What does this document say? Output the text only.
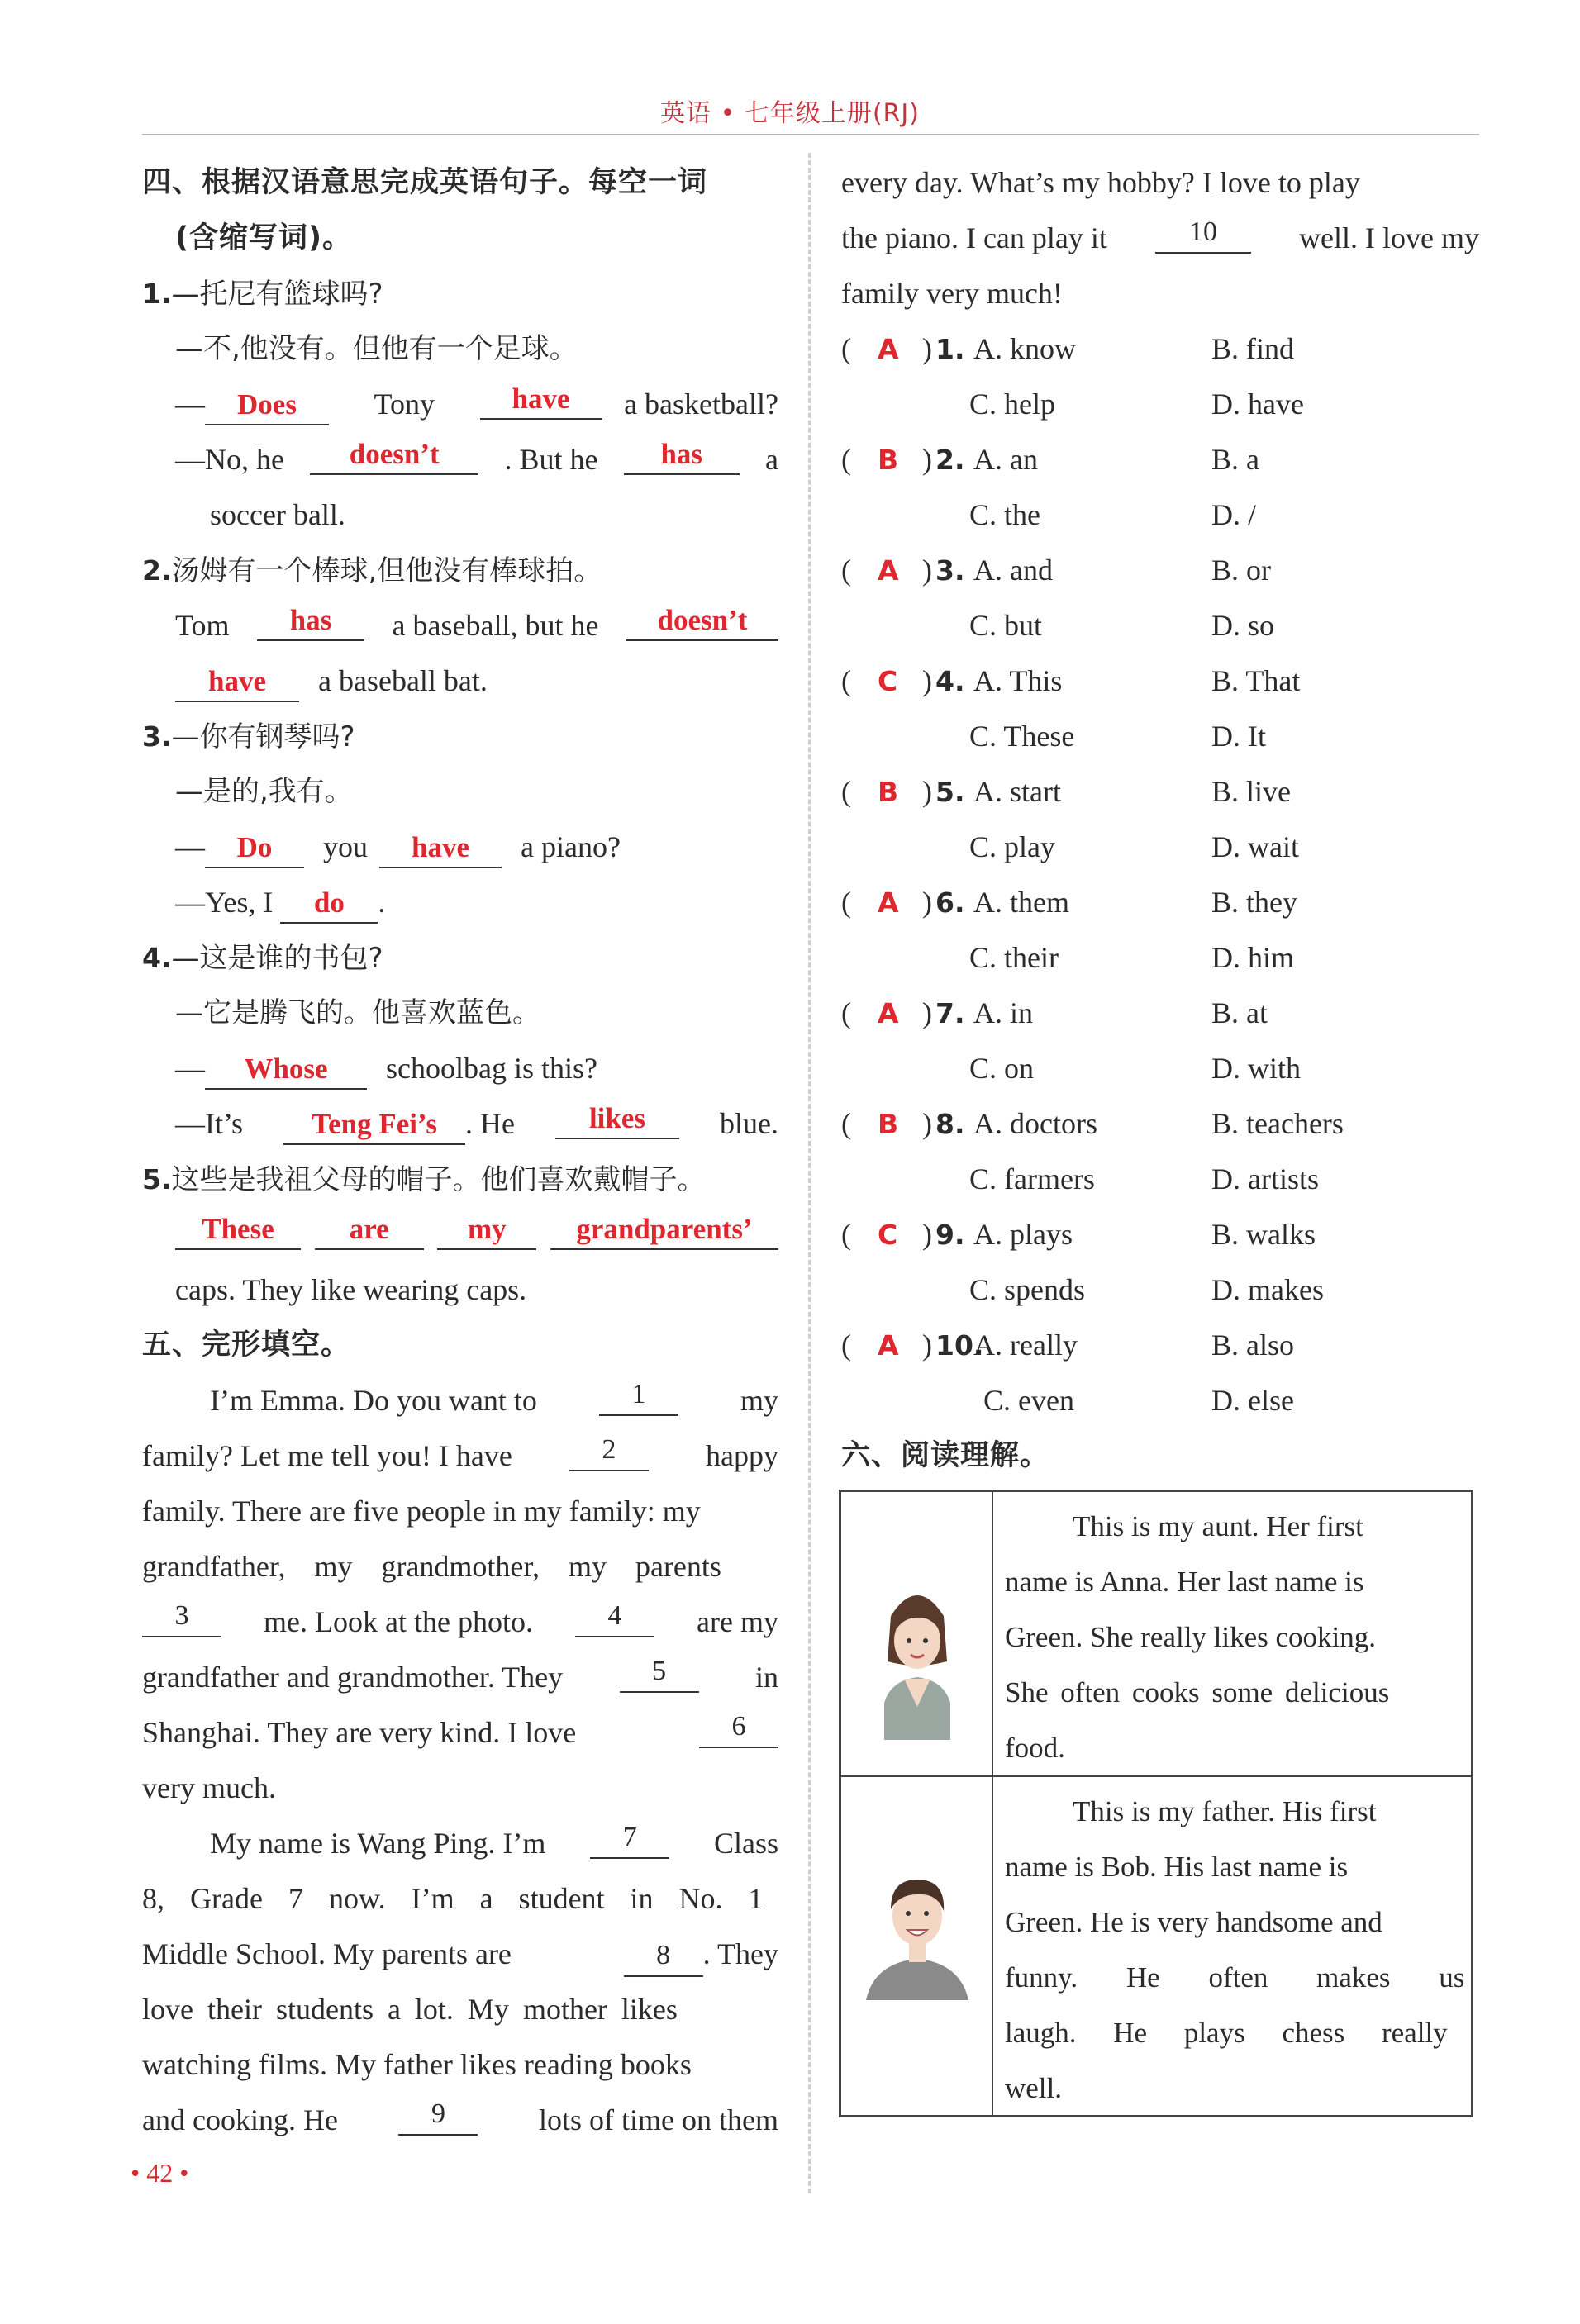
英语 • 七年级上册(RJ)
四、根据汉语意思完成英语句子。每空一词
(含缩写词)。
1.—托尼有篮球吗?
—不,他没有。但他有一个足球。
— Does	Tony	have	a basketball?
—No, he	doesn’t	. But he	has	a
soccer ball.
2.汤姆有一个棒球,但他没有棒球拍。
Tom	has	a baseball, but he	doesn’t
have a baseball bat.
3.—你有钢琴吗?
—是的,我有。
— Do you have a piano?
—Yes, I do .
4.—这是谁的书包?
—它是腾飞的。他喜欢蓝色。
— Whose schoolbag is this?
—It’s	Teng Fei’s . He	likes	blue.
5.这些是我祖父母的帽子。他们喜欢戴帽子。
These	are	my	grandparents’
caps. They like wearing caps.
五、完形填空。
I’m Emma. Do you want to	1	my
family? Let me tell you! I have	2	happy
family. There are five people in my family: my
grandfather, my grandmother, my parents
3	me. Look at the photo.	4	are my
grandfather and grandmother. They	5	in
Shanghai. They are very kind. I love	6
very much.
My name is Wang Ping. I’m	7	Class
8, Grade 7 now. I’m a student in No. 1
Middle School. My parents are	8 . They
love their students a lot. My mother likes
watching films. My father likes reading books
and cooking. He	9	lots of time on them
every day. What’s my hobby? I love to play
the piano. I can play it	10	well. I love my
family very much!
( A ) 1. A. know	B. find
C. help	D. have
( B ) 2. A. an	B. a
C. the	D. /
( A ) 3. A. and	B. or
C. but	D. so
( C ) 4. A. This	B. That
C. These	D. It
( B ) 5. A. start	B. live
C. play	D. wait
( A ) 6. A. them	B. they
C. their	D. him
( A ) 7. A. in	B. at
C. on	D. with
( B ) 8. A. doctors	B. teachers
C. farmers	D. artists
( C ) 9. A. plays	B. walks
C. spends	D. makes
( A ) 10.
A. really	B. also
C. even	D. else
六、阅读理解。
This is my aunt. Her first
name is Anna. Her last name is
Green. She really likes cooking.
She often cooks some delicious
food.
This is my father. His first
name is Bob. His last name is
Green. He is very handsome and
funny. He often makes us
laugh. He plays chess really
well.
• 42 •
